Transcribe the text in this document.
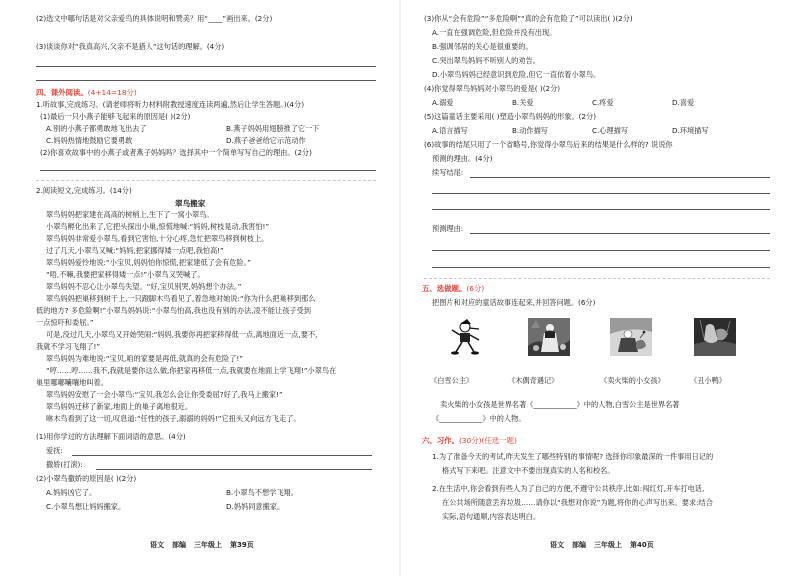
(2)选文中哪句话是对父亲爱鸟的具体说明和赞美？用“____”画出来。(2分)
(3)谈谈你对“我真高兴,父亲不是猎人”这句话的理解。(4分)
四、课外阅读。(4+14=18分)
1.听故事,完成练习。(请老师将听力材料附教授速度连读两遍,然后让学生答题。)(4分)
(1)最后一只小燕子能够飞起来的原因是( )(2分)
A.别的小燕子都勇敢地飞出去了	B.燕子妈妈用翅膀推了它一下
C.妈妈热情地鼓励它要勇敢	D.燕子爸爸给它示范动作
(2)你喜欢故事中的小燕子或者燕子妈妈吗？选择其中一个简单写写自己的理由。(2分)
2.阅读短文,完成练习。(14分)
翠鸟搬家
翠鸟妈妈把家建在高高的树梢上,生下了一窝小翠鸟。
小翠鸟孵化出来了,它把头探出小巢,惊慌地喊:“妈妈,树枝晃动,我害怕!”
翠鸟妈妈非常爱小翠鸟,看到它害怕,十分心疼,急忙把翠鸟移到树枝上。
过了几天,小翠鸟又喊:“妈妈,把家挪得矮一点吧,我怕高!”
翠鸟妈妈爱怜地说:“小宝贝,妈妈怕你惊慌,把家建低了会有危险。”
“唔,不嘛,我要把家移得矮一点!”小翠鸟又哭喊了。
翠鸟妈妈不忍心让小翠鸟失望。“好,宝贝别哭,妈妈想个办法。”
翠鸟妈妈把巢移到树干上,一只蹬脚木鸟看见了,着急地对她说:“你为什么把巢移到那么
低的地方? 多危险啊!”小翠鸟妈妈说:“小翠鸟怕高,我也没有别的办法,凌不能让孩子受到
一点惊吓和委屈。”
可是,没过几天,小翠鸟又开始哭闹:“妈妈,我要你再把家移得低一点,离地面近一点,要不,
我就不学习飞翔了!”
翠鸟妈妈为难地说:“宝贝,咱的家要是再低,就真的会有危险了!”
“哼……哼……我不,我就是要你这么做,你把家再移低一点,我就要在地面上学飞翔!”小翠鸟在
巢里哪嘟囔嚷地叫着。
翠鸟妈妈安慰了一会小翠鸟:“宝贝,我怎么会让你受委屈?好了,我马上搬家!”
翠鸟妈妈迁移了新家,地面上的巢子离地很近。
咻木鸟看到了这一切,叹息道:“任性的孩子,溺溺的妈妈!”它扭头又向远方飞走了。
(1)用你学过的方法理解下面词语的意思。(4分)
爱抚:
撒娇(打滚):
(2)小翠鸟撒娇的原因是( )(2分)
A.妈妈凶它了。	B.小翠鸟不想学飞翔。
C.小翠鸟想让妈妈搬家。	D.妈妈同意搬家。
语文 部编 三年级上 第39页
(3)你从“会有危险”“多危险啊”“真的会有危险了”可以读出( )(2分)
A.一直在强调危险,但危险并没有出现。
B.强调邻居的关心是很重要的。
C.突出翠鸟妈妈不听别人的劝告。
D.小翠鸟妈妈已经意识到危险,但它一直依着小翠鸟。
(4)你觉得翠鸟妈妈对小翠鸟的爱是( )(2分)
A.溺爱	B.关爱	C.疼爱	D.喜爱
(5)这篇童话主要采用( )塑造小翠鸟妈妈的形象。(2分)
A.语言描写	B.动作描写	C.心理描写	D.环境描写
(6)故事的结尾只用了一个省略号,你觉得小翠鸟后来的结果是什么样的? 说说你
预测的理由。(4分)
续写结尾:
预测理由:
五、选做题。(6分)
把图片和对应的童话故事连起来,并回答问题。(6分)
《白雪公主》	《木偶奇遇记》	《卖火柴的小女孩》	《丑小鸭》
卖火柴的小女孩是世界名著《____________》中的人物,白雪公主是世界名著
《____________》中的人物。
六、习作。(30分)(任选一题)
1.为了准备今天的考试,昨天发生了哪些特别的事情呢? 选择你印象最深的一件事用日记的
格式写下来吧。注意文中不要出现真实的人名和校名。
2.在生活中,你会看到有些人为了自己的方便,不遵守公共秩序,比如:闯红灯,开车打电话,
在公共场所随意丢弃垃圾……请你以“我想对你说”为题,将你的心声写出来。要求:结合
实际,语句通顺,内容表达明白。
语文 部编 三年级上 第40页
